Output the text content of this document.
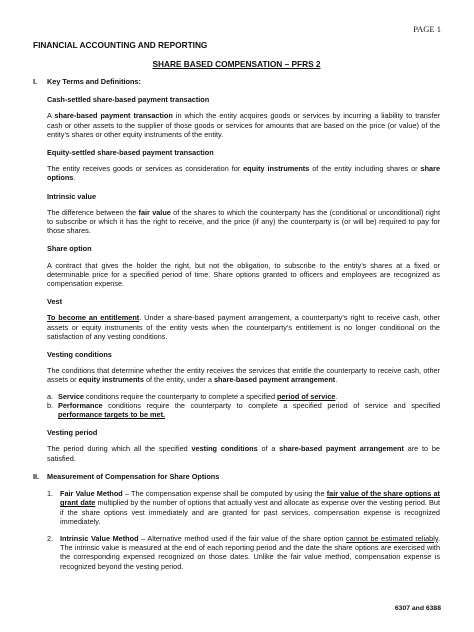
PAGE 1
FINANCIAL ACCOUNTING AND REPORTING
SHARE BASED COMPENSATION – PFRS 2
I.	Key Terms and Definitions:
Cash-settled share-based payment transaction
A share-based payment transaction in which the entity acquires goods or services by incurring a liability to transfer cash or other assets to the supplier of those goods or services for amounts that are based on the price (or value) of the entity’s shares or other equity instruments of the entity.
Equity-settled share-based payment transaction
The entity receives goods or services as consideration for equity instruments of the entity including shares or share options.
Intrinsic value
The difference between the fair value of the shares to which the counterparty has the (conditional or unconditional) right to subscribe or which it has the right to receive, and the price (if any) the counterparty is (or will be) required to pay for those shares.
Share option
A contract that gives the holder the right, but not the obligation, to subscribe to the entity’s shares at a fixed or determinable price for a specified period of time. Share options granted to officers and employees are recognized as compensation expense.
Vest
To become an entitlement. Under a share-based payment arrangement, a counterparty’s right to receive cash, other assets or equity instruments of the entity vests when the counterparty’s entitlement is no longer conditional on the satisfaction of any vesting conditions.
Vesting conditions
The conditions that determine whether the entity receives the services that entitle the counterparty to receive cash, other assets or equity instruments of the entity, under a share-based payment arrangement.
a. Service conditions require the counterparty to complete a specified period of service.
b. Performance conditions require the counterparty to complete a specified period of service and specified performance targets to be met.
Vesting period
The period during which all the specified vesting conditions of a share-based payment arrangement are to be satisfied.
II.	Measurement of Compensation for Share Options
1. Fair Value Method – The compensation expense shall be computed by using the fair value of the share options at grant date multiplied by the number of options that actually vest and allocate as expense over the vesting period. But if the share options vest immediately and are granted for past services, compensation expense is recognized immediately.
2. Intrinsic Value Method – Alternative method used if the fair value of the share option cannot be estimated reliably. The intrinsic value is measured at the end of each reporting period and the date the share options are exercised with the corresponding expensed recognized on those dates. Unlike the fair value method, compensation expense is recognized beyond the vesting period.
6307 and 6388
